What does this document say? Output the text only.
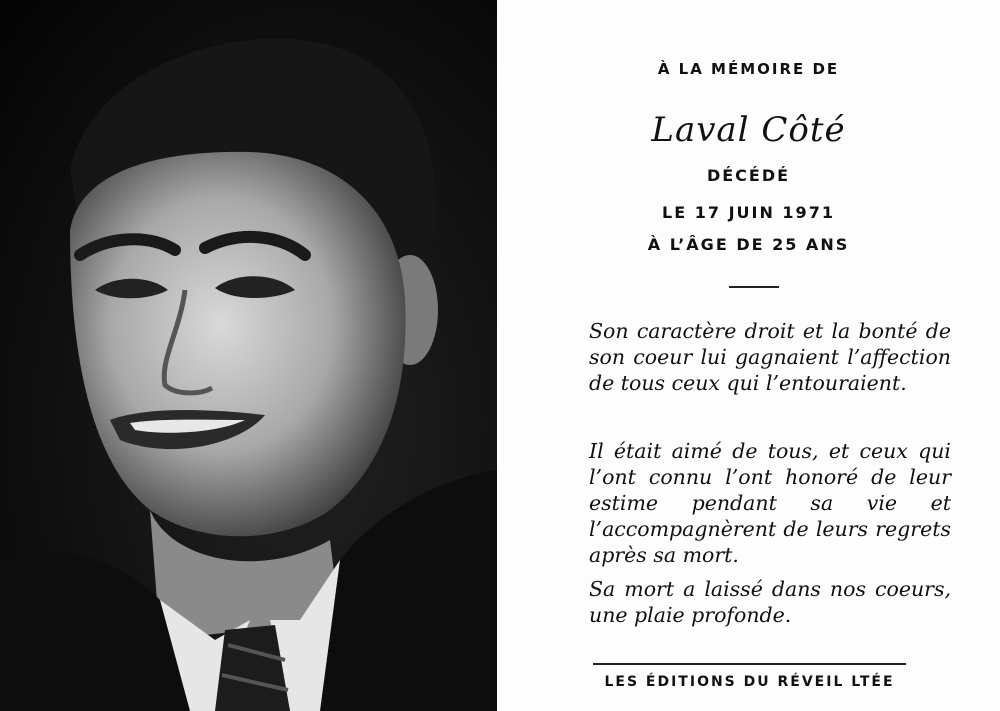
À LA MÉMOIRE DE
Laval Côté
DÉCÉDÉ
LE 17 JUIN 1971
À L’ÂGE DE 25 ANS

Son caractère droit et la bonté de son coeur lui gagnaient l’affection de tous ceux qui l’entouraient.

Il était aimé de tous, et ceux qui l’ont connu l’ont honoré de leur estime pendant sa vie et l’accompagnèrent de leurs regrets après sa mort.

Sa mort a laissé dans nos coeurs, une plaie profonde.

LES ÉDITIONS DU RÉVEIL LTÉE
